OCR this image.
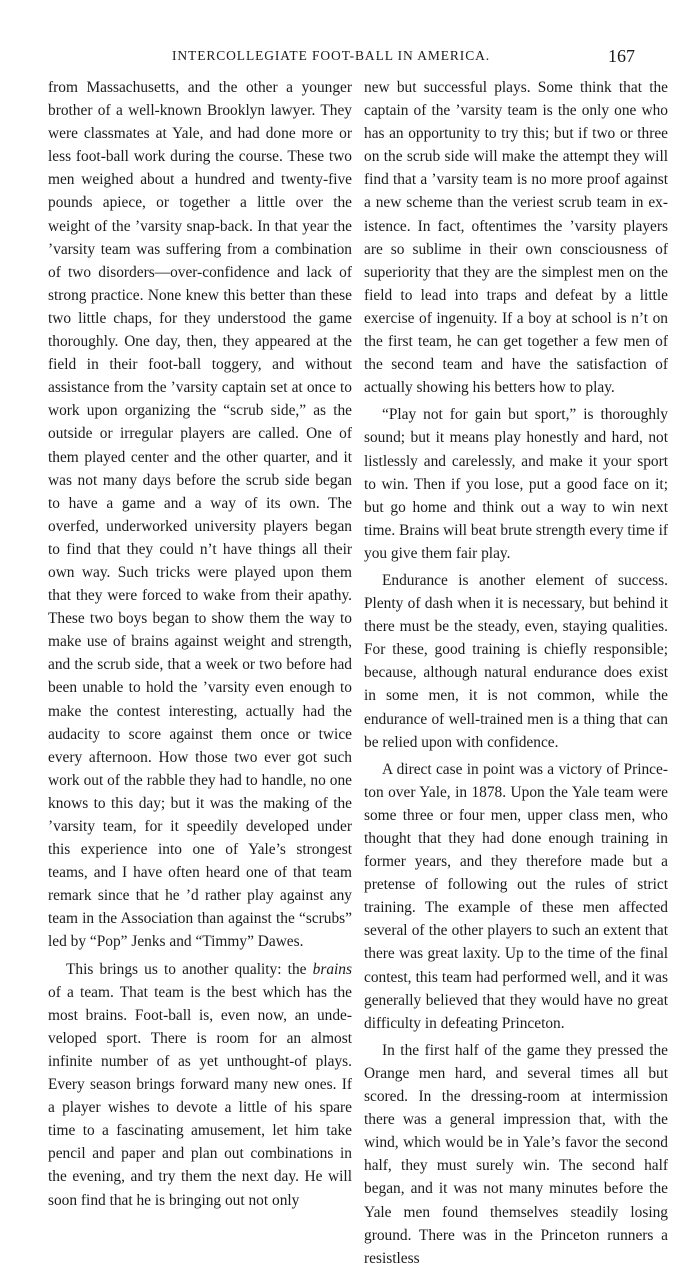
INTERCOLLEGIATE FOOT-BALL IN AMERICA.	167

from Massachusetts, and the other a younger brother of a well-known Brooklyn lawyer. They were classmates at Yale, and had done more or less foot-ball work during the course. These two men weighed about a hundred and twenty-five pounds apiece, or together a little over the weight of the ’varsity snap-back. In that year the ’varsity team was suffering from a combination of two disorders—over-confidence and lack of strong practice. None knew this better than these two little chaps, for they understood the game thoroughly. One day, then, they appeared at the field in their foot-ball toggery, and without assistance from the ’varsity captain set at once to work upon organizing the “scrub side,” as the outside or irregular players are called. One of them played center and the other quarter, and it was not many days before the scrub side began to have a game and a way of its own. The overfed, underworked university players began to find that they could n’t have things all their own way. Such tricks were played upon them that they were forced to wake from their apathy. These two boys began to show them the way to make use of brains against weight and strength, and the scrub side, that a week or two before had been unable to hold the ’varsity even enough to make the contest interesting, actually had the audacity to score against them once or twice every afternoon. How those two ever got such work out of the rabble they had to handle, no one knows to this day; but it was the making of the ’varsity team, for it speedily developed under this experience into one of Yale’s strongest teams, and I have often heard one of that team remark since that he ’d rather play against any team in the Association than against the “scrubs” led by “Pop” Jenks and “Timmy” Dawes.

This brings us to another quality: the brains of a team. That team is the best which has the most brains. Foot-ball is, even now, an undeveloped sport. There is room for an almost infinite number of as yet unthought-of plays. Every season brings forward many new ones. If a player wishes to devote a little of his spare time to a fascinating amusement, let him take pencil and paper and plan out combinations in the evening, and try them the next day. He will soon find that he is bringing out not only

new but successful plays. Some think that the captain of the ’varsity team is the only one who has an opportunity to try this; but if two or three on the scrub side will make the attempt they will find that a ’varsity team is no more proof against a new scheme than the veriest scrub team in existence. In fact, oftentimes the ’varsity players are so sublime in their own consciousness of superiority that they are the simplest men on the field to lead into traps and defeat by a little exercise of ingenuity. If a boy at school is n’t on the first team, he can get together a few men of the second team and have the satisfaction of actually showing his betters how to play.

“Play not for gain but sport,” is thoroughly sound; but it means play honestly and hard, not listlessly and carelessly, and make it your sport to win. Then if you lose, put a good face on it; but go home and think out a way to win next time. Brains will beat brute strength every time if you give them fair play.

Endurance is another element of success. Plenty of dash when it is necessary, but behind it there must be the steady, even, staying qualities. For these, good training is chiefly responsible; because, although natural endurance does exist in some men, it is not common, while the endurance of well-trained men is a thing that can be relied upon with confidence.

A direct case in point was a victory of Princeton over Yale, in 1878. Upon the Yale team were some three or four men, upper class men, who thought that they had done enough training in former years, and they therefore made but a pretense of following out the rules of strict training. The example of these men affected several of the other players to such an extent that there was great laxity. Up to the time of the final contest, this team had performed well, and it was generally believed that they would have no great difficulty in defeating Princeton.

In the first half of the game they pressed the Orange men hard, and several times all but scored. In the dressing-room at intermission there was a general impression that, with the wind, which would be in Yale’s favor the second half, they must surely win. The second half began, and it was not many minutes before the Yale men found themselves steadily losing ground. There was in the Princeton runners a resistless
